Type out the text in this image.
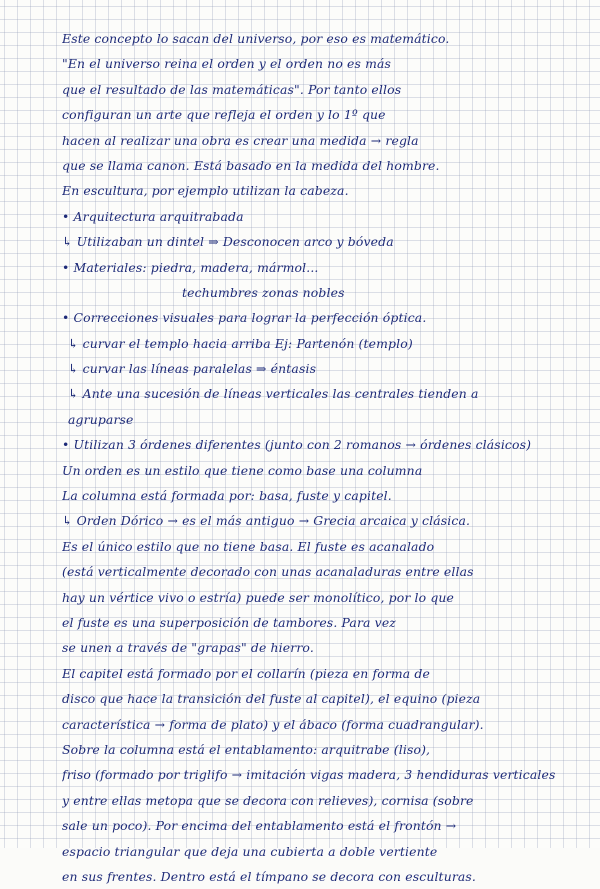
Este concepto lo sacan del universo, por eso es matemático.
"En el universo reina el orden y el orden no es más
que el resultado de las matemáticas". Por tanto ellos
configuran un arte que refleja el orden y lo 1º que
hacen al realizar una obra es crear una medida → regla
que se llama canon. Está basado en la medida del hombre.
En escultura, por ejemplo utilizan la cabeza.
• Arquitectura arquitrabada
↳ Utilizaban un dintel ⇒ Desconocen arco y bóveda
• Materiales: piedra, madera, mármol...
techumbres zonas nobles
• Correcciones visuales para lograr la perfección óptica.
↳ curvar el templo hacia arriba Ej: Partenón (templo)
↳ curvar las líneas paralelas ⇒ éntasis
↳ Ante una sucesión de líneas verticales las centrales tienden a
agruparse
• Utilizan 3 órdenes diferentes (junto con 2 romanos → órdenes clásicos)
Un orden es un estilo que tiene como base una columna
La columna está formada por: basa, fuste y capitel.
↳ Orden Dórico → es el más antiguo → Grecia arcaica y clásica.
Es el único estilo que no tiene basa. El fuste es acanalado
(está verticalmente decorado con unas acanaladuras entre ellas
hay un vértice vivo o estría) puede ser monolítico, por lo que
el fuste es una superposición de tambores. Para vez
se unen a través de "grapas" de hierro.
El capitel está formado por el collarín (pieza en forma de
disco que hace la transición del fuste al capitel), el equino (pieza
característica → forma de plato) y el ábaco (forma cuadrangular).
Sobre la columna está el entablamento: arquitrabe (liso),
friso (formado por triglifo → imitación vigas madera, 3 hendiduras verticales
y entre ellas metopa que se decora con relieves), cornisa (sobre
sale un poco). Por encima del entablamento está el frontón →
espacio triangular que deja una cubierta a doble vertiente
en sus frentes. Dentro está el tímpano se decora con esculturas.
